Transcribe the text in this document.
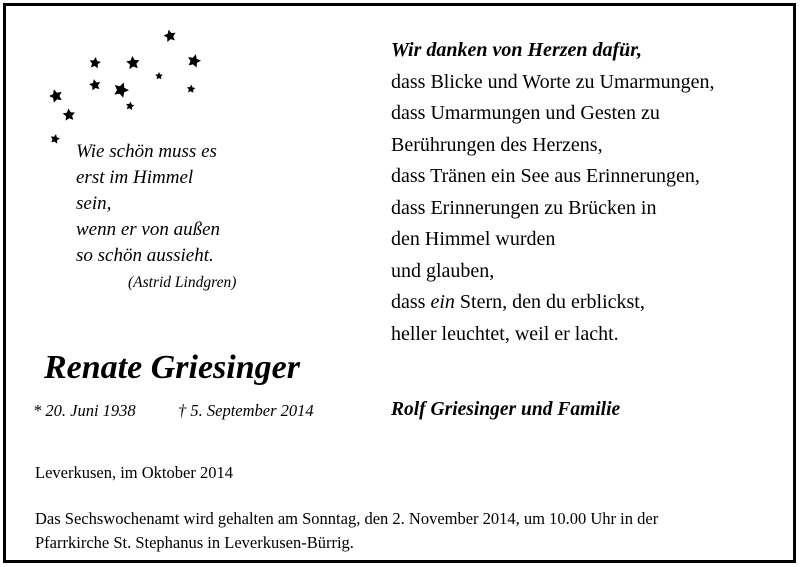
Wie schön muss es
erst im Himmel
sein,
wenn er von außen
so schön aussieht.
(Astrid Lindgren)
Renate Griesinger
* 20. Juni 1938	† 5. September 2014
Wir danken von Herzen dafür,
dass Blicke und Worte zu Umarmungen,
dass Umarmungen und Gesten zu
Berührungen des Herzens,
dass Tränen ein See aus Erinnerungen,
dass Erinnerungen zu Brücken in
den Himmel wurden
und glauben,
dass ein Stern, den du erblickst,
heller leuchtet, weil er lacht.
Rolf Griesinger und Familie
Leverkusen, im Oktober 2014
Das Sechswochenamt wird gehalten am Sonntag, den 2. November 2014, um 10.00 Uhr in der
Pfarrkirche St. Stephanus in Leverkusen-Bürrig.
